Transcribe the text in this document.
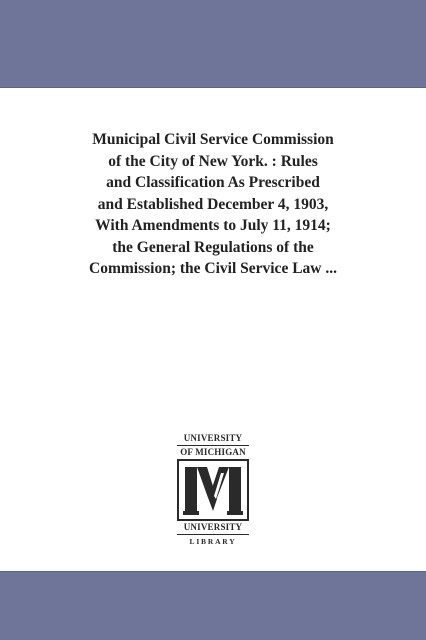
Municipal Civil Service Commission
of the City of New York. : Rules
and Classification As Prescribed
and Established December 4, 1903,
With Amendments to July 11, 1914;
the General Regulations of the
Commission; the Civil Service Law ...
UNIVERSITY
OF MICHIGAN
UNIVERSITY
LIBRARY
